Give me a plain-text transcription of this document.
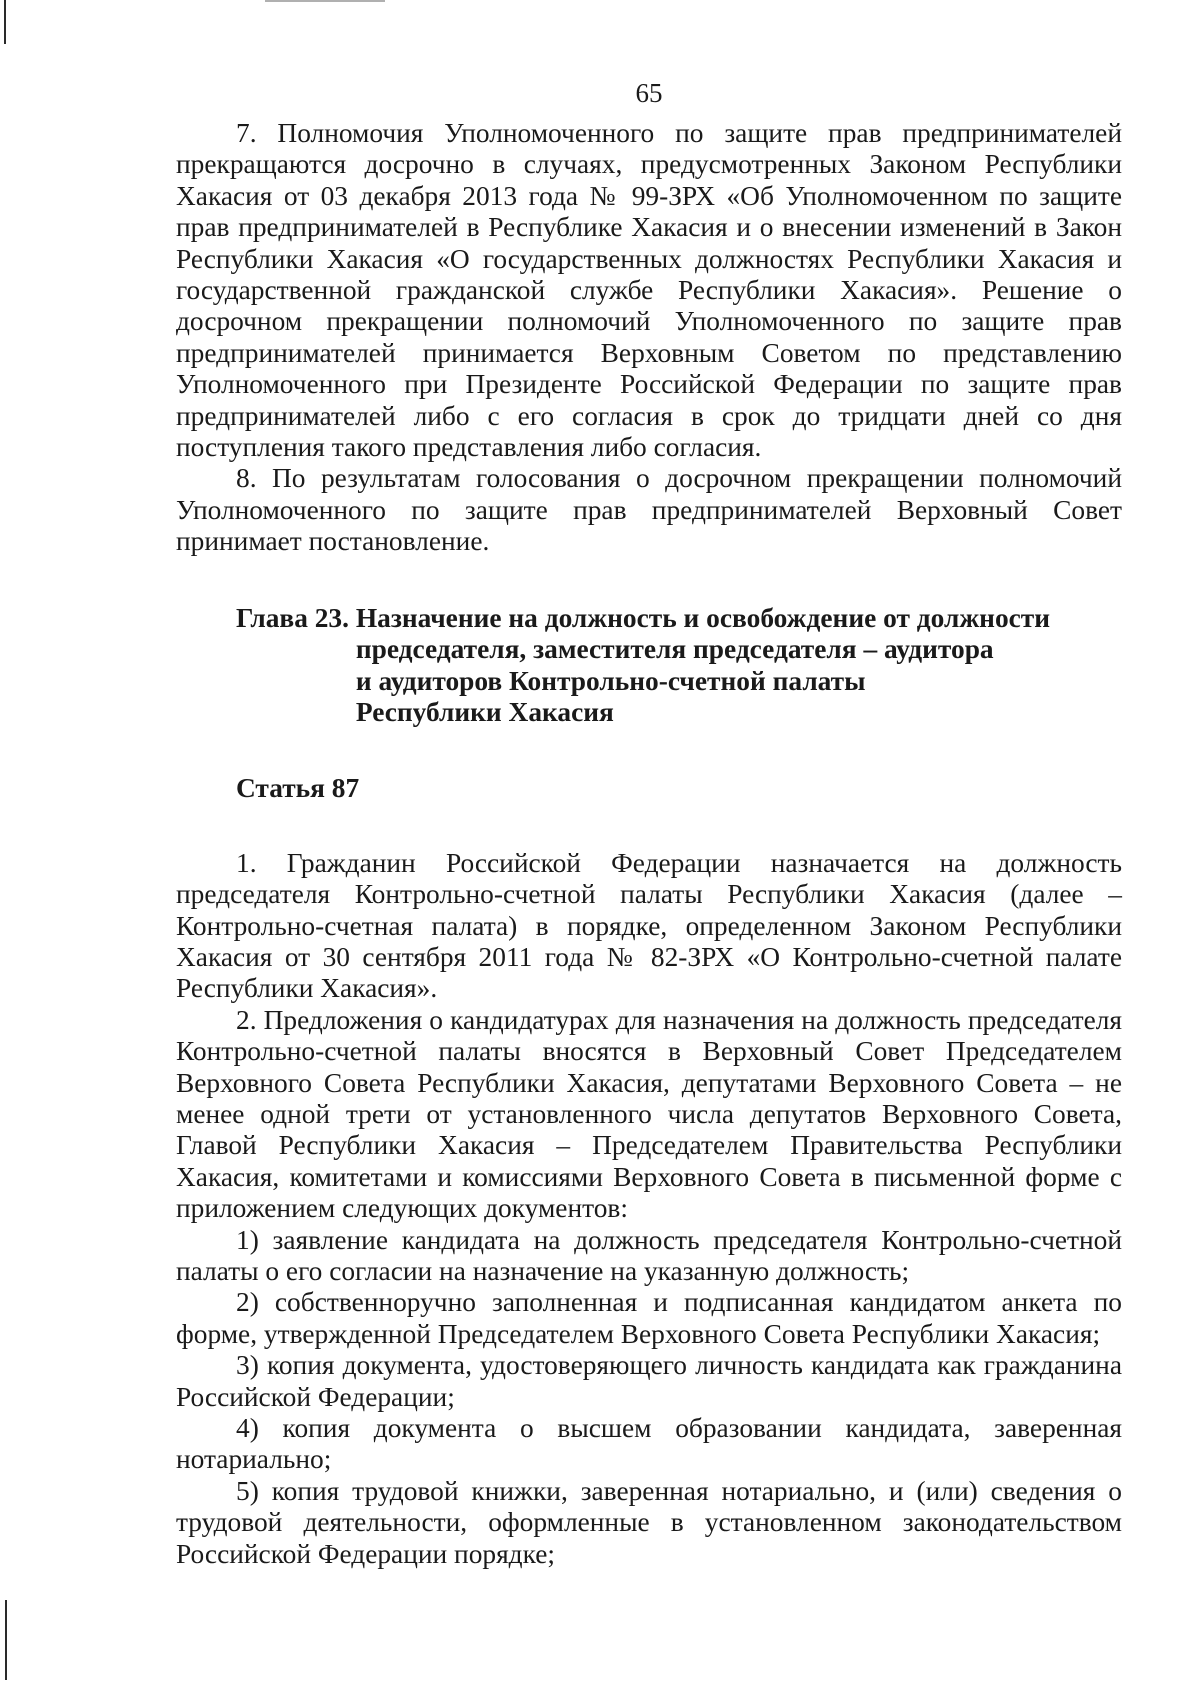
65

7. Полномочия Уполномоченного по защите прав предпринимателей прекращаются досрочно в случаях, предусмотренных Законом Республики Хакасия от 03 декабря 2013 года № 99-ЗРХ «Об Уполномоченном по защите прав предпринимателей в Республике Хакасия и о внесении изменений в Закон Республики Хакасия «О государственных должностях Республики Хакасия и государственной гражданской службе Республики Хакасия». Решение о досрочном прекращении полномочий Уполномоченного по защите прав предпринимателей принимается Верховным Советом по представлению Уполномоченного при Президенте Российской Федерации по защите прав предпринимателей либо с его согласия в срок до тридцати дней со дня поступления такого представления либо согласия.

8. По результатам голосования о досрочном прекращении полномочий Уполномоченного по защите прав предпринимателей Верховный Совет принимает постановление.

Глава 23. Назначение на должность и освобождение от должности
председателя, заместителя председателя – аудитора
и аудиторов Контрольно-счетной палаты
Республики Хакасия
Статья 87

1. Гражданин Российской Федерации назначается на должность председателя Контрольно-счетной палаты Республики Хакасия (далее – Контрольно-счетная палата) в порядке, определенном Законом Республики Хакасия от 30 сентября 2011 года № 82-ЗРХ «О Контрольно-счетной палате Республики Хакасия».

2. Предложения о кандидатурах для назначения на должность председателя Контрольно-счетной палаты вносятся в Верховный Совет Председателем Верховного Совета Республики Хакасия, депутатами Верховного Совета – не менее одной трети от установленного числа депутатов Верховного Совета, Главой Республики Хакасия – Председателем Правительства Республики Хакасия, комитетами и комиссиями Верховного Совета в письменной форме с приложением следующих документов:

1) заявление кандидата на должность председателя Контрольно-счетной палаты о его согласии на назначение на указанную должность;

2) собственноручно заполненная и подписанная кандидатом анкета по форме, утвержденной Председателем Верховного Совета Республики Хакасия;

3) копия документа, удостоверяющего личность кандидата как гражданина Российской Федерации;

4) копия документа о высшем образовании кандидата, заверенная нотариально;

5) копия трудовой книжки, заверенная нотариально, и (или) сведения о трудовой деятельности, оформленные в установленном законодательством Российской Федерации порядке;
